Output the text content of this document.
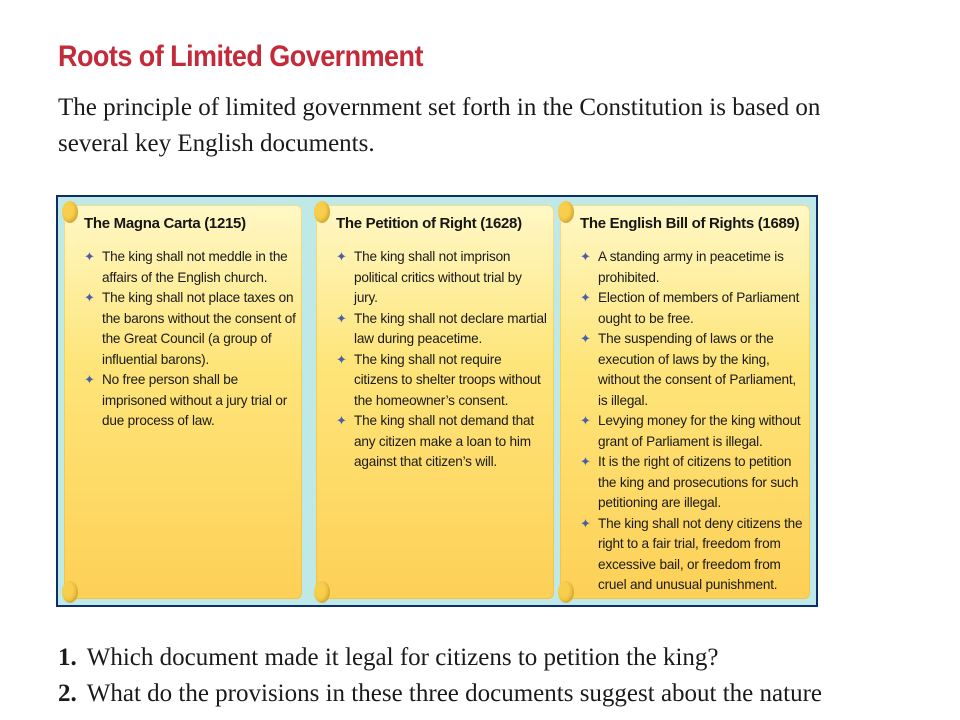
Roots of Limited Government
The principle of limited government set forth in the Constitution is based on several key English documents.
The Magna Carta (1215)
✦ The king shall not meddle in the affairs of the English church.
✦ The king shall not place taxes on the barons without the consent of the Great Council (a group of influential barons).
✦ No free person shall be imprisoned without a jury trial or due process of law.
The Petition of Right (1628)
✦ The king shall not imprison political critics without trial by jury.
✦ The king shall not declare martial law during peacetime.
✦ The king shall not require citizens to shelter troops without the homeowner’s consent.
✦ The king shall not demand that any citizen make a loan to him against that citizen’s will.
The English Bill of Rights (1689)
✦ A standing army in peacetime is prohibited.
✦ Election of members of Parliament ought to be free.
✦ The suspending of laws or the execution of laws by the king, without the consent of Parliament, is illegal.
✦ Levying money for the king without grant of Parliament is illegal.
✦ It is the right of citizens to petition the king and prosecutions for such petitioning are illegal.
✦ The king shall not deny citizens the right to a fair trial, freedom from excessive bail, or freedom from cruel and unusual punishment.
1. Which document made it legal for citizens to petition the king?
2. What do the provisions in these three documents suggest about the nature
